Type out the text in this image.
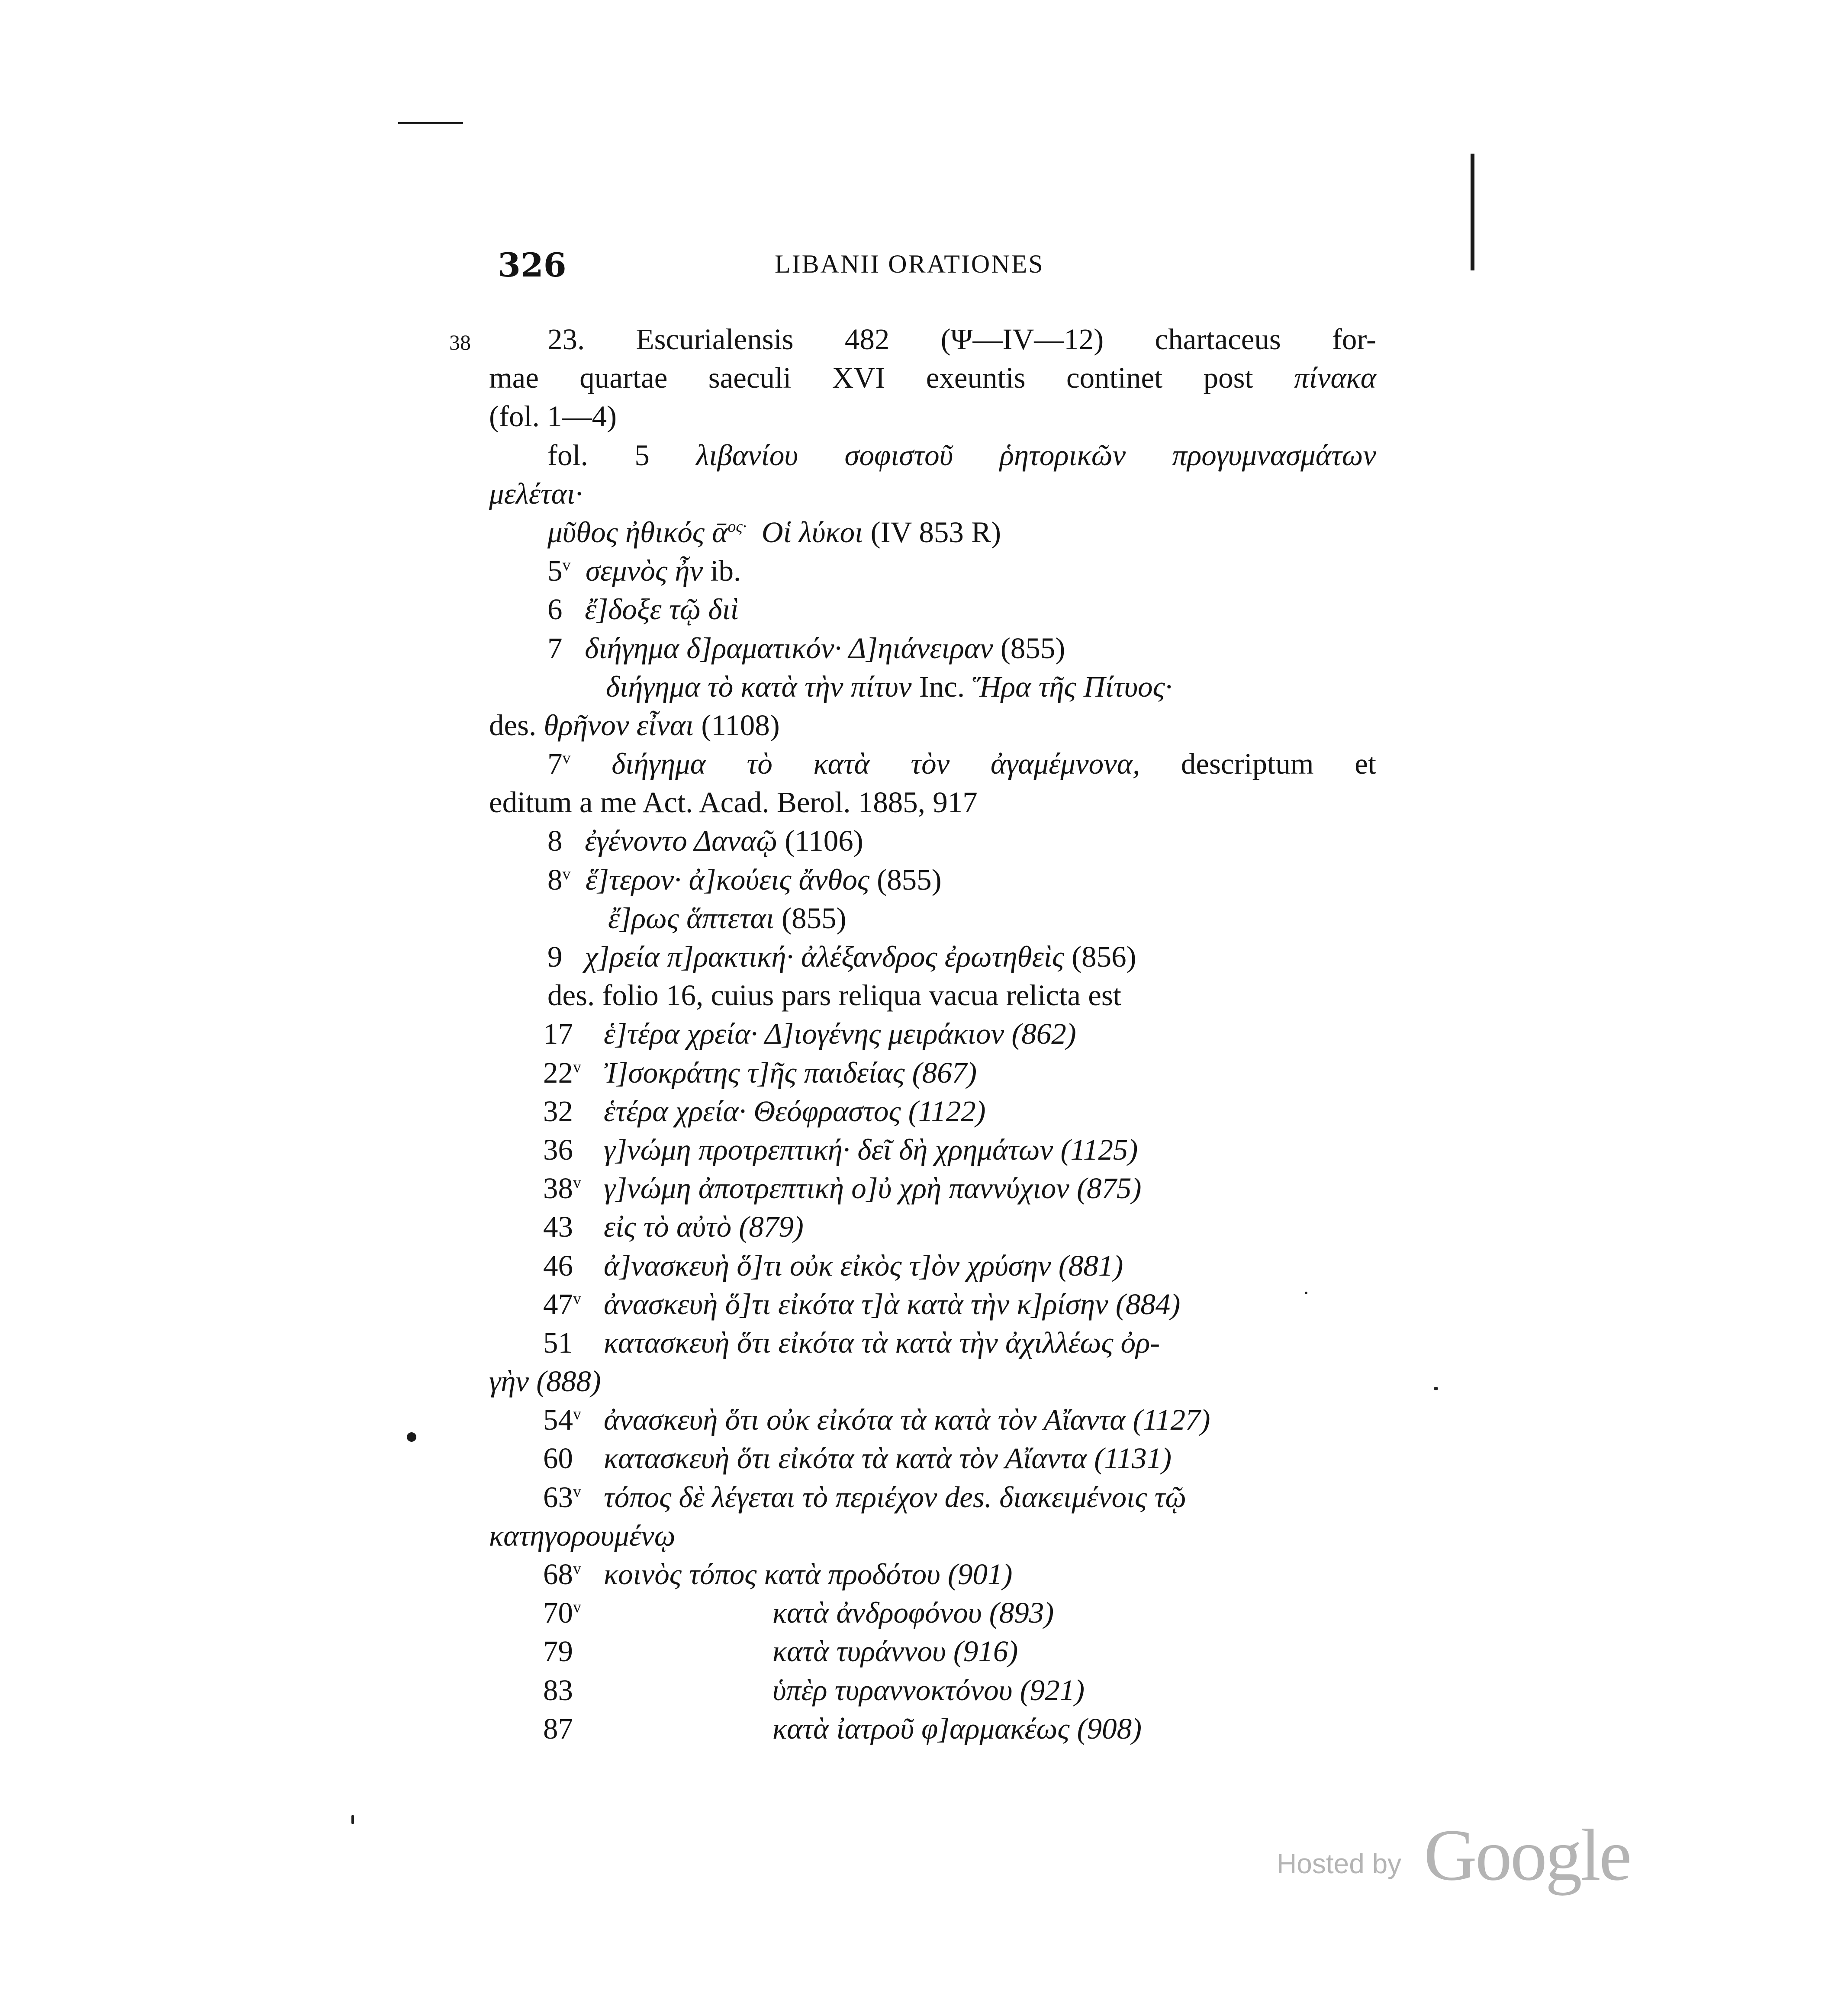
326	LIBANII ORATIONES
38	23. Escurialensis 482 (Ψ—IV—12) chartaceus for-
mae quartae saeculi XVI exeuntis continet post πίνακα
(fol. 1—4)
fol. 5 λιβανίου σοφιστοῦ ῥητορικῶν προγυμνασμάτων
μελέται·
μῦθος ἠθικός ᾱ$^{o\varsigma\cdot}$ Οἱ λύκοι (IV 853 R)
5$^v$ σεμνὸς ἦν ib.
6   ἔ]δοξε τῷ διὶ
7   διήγημα δ]ραματικόν· Δ]ηιάνειραν (855)
διήγημα τὸ κατὰ τὴν πίτυν Inc. Ἥρα τῆς Πίτυος·
des. θρῆνον εἶναι (1108)
7$^v$ διήγημα τὸ κατὰ τὸν ἀγαμέμνονα, descriptum et
editum a me Act. Acad. Berol. 1885, 917
8   ἐγένοντο Δαναῷ (1106)
8$^v$ ἕ]τερον· ἀ]κούεις ἄνθος (855)
ἔ]ρως ἅπτεται (855)
9   χ]ρεία π]ρακτική· ἀλέξανδρος ἐρωτηθεὶς (856)
des. folio 16, cuius pars reliqua vacua relicta est
17 ἑ]τέρα χρεία· Δ]ιογένης μειράκιον (862)
22$^v$ Ἰ]σοκράτης τ]ῆς παιδείας (867)
32 ἑτέρα χρεία· Θεόφραστος (1122)
36 γ]νώμη προτρεπτική· δεῖ δὴ χρημάτων (1125)
38$^v$ γ]νώμη ἀποτρεπτικὴ ο]ὐ χρὴ παννύχιον (875)
43 εἰς τὸ αὐτὸ (879)
46 ἀ]νασκευὴ ὅ]τι οὐκ εἰκὸς τ]ὸν χρύσην (881)
47$^v$ ἀνασκευὴ ὅ]τι εἰκότα τ]ὰ κατὰ τὴν κ]ρίσην (884)
51 κατασκευὴ ὅτι εἰκότα τὰ κατὰ τὴν ἀχιλλέως ὀρ-
γὴν (888)
54$^v$ ἀνασκευὴ ὅτι οὐκ εἰκότα τὰ κατὰ τὸν Αἴαντα (1127)
60 κατασκευὴ ὅτι εἰκότα τὰ κατὰ τὸν Αἴαντα (1131)
63$^v$ τόπος δὲ λέγεται τὸ περιέχον des. διακειμένοις τῷ
κατηγορουμένῳ
68$^v$ κοινὸς τόπος κατὰ προδότου (901)
70$^v$	κατὰ ἀνδροφόνου (893)
79	κατὰ τυράννου (916)
83	ὑπὲρ τυραννοκτόνου (921)
87	κατὰ ἰατροῦ φ]αρμακέως (908)
Hosted by Google
